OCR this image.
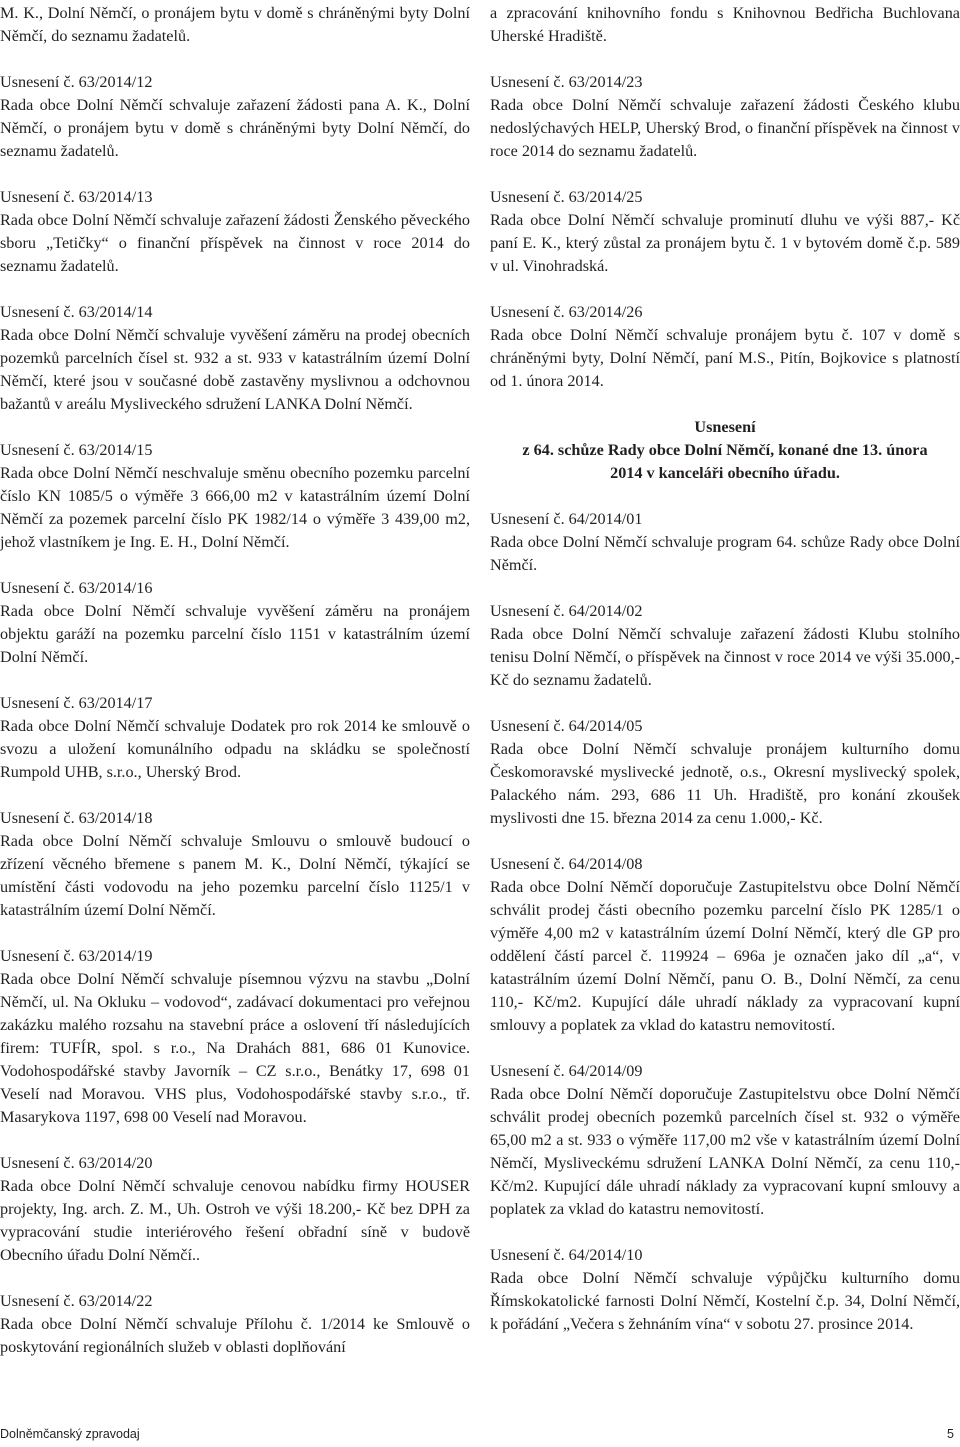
M. K., Dolní Němčí, o pronájem bytu v domě s chráněnými byty Dolní Němčí, do seznamu žadatelů.

Usnesení č. 63/2014/12

Rada obce Dolní Němčí schvaluje zařazení žádosti pana A. K., Dolní Němčí, o pronájem bytu v domě s chráněnými byty Dolní Němčí, do seznamu žadatelů.

Usnesení č. 63/2014/13

Rada obce Dolní Němčí schvaluje zařazení žádosti Ženského pěveckého sboru „Tetičky“ o finanční příspěvek na činnost v roce 2014 do seznamu žadatelů.

Usnesení č. 63/2014/14

Rada obce Dolní Němčí schvaluje vyvěšení záměru na prodej obecních pozemků parcelních čísel st. 932 a st. 933 v katastrálním území Dolní Němčí, které jsou v současné době zastavěny myslivnou a odchovnou bažantů v areálu Mysliveckého sdružení LANKA Dolní Němčí.

Usnesení č. 63/2014/15

Rada obce Dolní Němčí neschvaluje směnu obecního pozemku parcelní číslo KN 1085/5 o výměře 3 666,00 m2 v katastrálním území Dolní Němčí za pozemek parcelní číslo PK 1982/14 o výměře 3 439,00 m2, jehož vlastníkem je Ing. E. H., Dolní Němčí.

Usnesení č. 63/2014/16

Rada obce Dolní Němčí schvaluje vyvěšení záměru na pronájem objektu garáží na pozemku parcelní číslo 1151 v katastrálním území Dolní Němčí.

Usnesení č. 63/2014/17

Rada obce Dolní Němčí schvaluje Dodatek pro rok 2014 ke smlouvě o svozu a uložení komunálního odpadu na skládku se společností Rumpold UHB, s.r.o., Uherský Brod.

Usnesení č. 63/2014/18

Rada obce Dolní Němčí schvaluje Smlouvu o smlouvě budoucí o zřízení věcného břemene s panem M. K., Dolní Němčí, týkající se umístění části vodovodu na jeho pozemku parcelní číslo 1125/1 v katastrálním území Dolní Němčí.

Usnesení č. 63/2014/19

Rada obce Dolní Němčí schvaluje písemnou výzvu na stavbu „Dolní Němčí, ul. Na Okluku – vodovod“, zadávací dokumentaci pro veřejnou zakázku malého rozsahu na stavební práce a oslovení tří následujících firem: TUFÍR, spol. s r.o., Na Drahách 881, 686 01 Kunovice. Vodohospodářské stavby Javorník – CZ s.r.o., Benátky 17, 698 01 Veselí nad Moravou. VHS plus, Vodohospodářské stavby s.r.o., tř. Masarykova 1197, 698 00 Veselí nad Moravou.

Usnesení č. 63/2014/20

Rada obce Dolní Němčí schvaluje cenovou nabídku firmy HOUSER projekty, Ing. arch. Z. M., Uh. Ostroh ve výši 18.200,- Kč bez DPH za vypracování studie interiérového řešení obřadní síně v budově Obecního úřadu Dolní Němčí..

Usnesení č. 63/2014/22

Rada obce Dolní Němčí schvaluje Přílohu č. 1/2014 ke Smlouvě o poskytování regionálních služeb v oblasti doplňování

a zpracování knihovního fondu s Knihovnou Bedřicha Buchlovana Uherské Hradiště.

Usnesení č. 63/2014/23

Rada obce Dolní Němčí schvaluje zařazení žádosti Českého klubu nedoslýchavých HELP, Uherský Brod, o finanční příspěvek na činnost v roce 2014 do seznamu žadatelů.

Usnesení č. 63/2014/25

Rada obce Dolní Němčí schvaluje prominutí dluhu ve výši 887,- Kč paní E. K., který zůstal za pronájem bytu č. 1 v bytovém domě č.p. 589 v ul. Vinohradská.

Usnesení č. 63/2014/26

Rada obce Dolní Němčí schvaluje pronájem bytu č. 107 v domě s chráněnými byty, Dolní Němčí, paní M.S., Pitín, Bojkovice s platností od 1. února 2014.

Usnesení
z 64. schůze Rady obce Dolní Němčí, konané dne 13. února 2014 v kanceláři obecního úřadu.
Usnesení č. 64/2014/01

Rada obce Dolní Němčí schvaluje program 64. schůze Rady obce Dolní Němčí.

Usnesení č. 64/2014/02

Rada obce Dolní Němčí schvaluje zařazení žádosti Klubu stolního tenisu Dolní Němčí, o příspěvek na činnost v roce 2014 ve výši 35.000,- Kč do seznamu žadatelů.

Usnesení č. 64/2014/05

Rada obce Dolní Němčí schvaluje pronájem kulturního domu Českomoravské myslivecké jednotě, o.s., Okresní myslivecký spolek, Palackého nám. 293, 686 11 Uh. Hradiště, pro konání zkoušek myslivosti dne 15. března 2014 za cenu 1.000,- Kč.

Usnesení č. 64/2014/08

Rada obce Dolní Němčí doporučuje Zastupitelstvu obce Dolní Němčí schválit prodej části obecního pozemku parcelní číslo PK 1285/1 o výměře 4,00 m2 v katastrálním území Dolní Němčí, který dle GP pro oddělení částí parcel č. 119924 – 696a je označen jako díl „a“, v katastrálním území Dolní Němčí, panu O. B., Dolní Němčí, za cenu 110,- Kč/m2. Kupující dále uhradí náklady za vypracovaní kupní smlouvy a poplatek za vklad do katastru nemovitostí.

Usnesení č. 64/2014/09

Rada obce Dolní Němčí doporučuje Zastupitelstvu obce Dolní Němčí schválit prodej obecních pozemků parcelních čísel st. 932 o výměře 65,00 m2 a st. 933 o výměře 117,00 m2 vše v katastrálním území Dolní Němčí, Mysliveckému sdružení LANKA Dolní Němčí, za cenu 110,- Kč/m2. Kupující dále uhradí náklady za vypracovaní kupní smlouvy a poplatek za vklad do katastru nemovitostí.

Usnesení č. 64/2014/10

Rada obce Dolní Němčí schvaluje výpůjčku kulturního domu Římskokatolické farnosti Dolní Němčí, Kostelní č.p. 34, Dolní Němčí, k pořádání „Večera s žehnáním vína“ v sobotu 27. prosince 2014.

Dolněmčanský zpravodaj	5
